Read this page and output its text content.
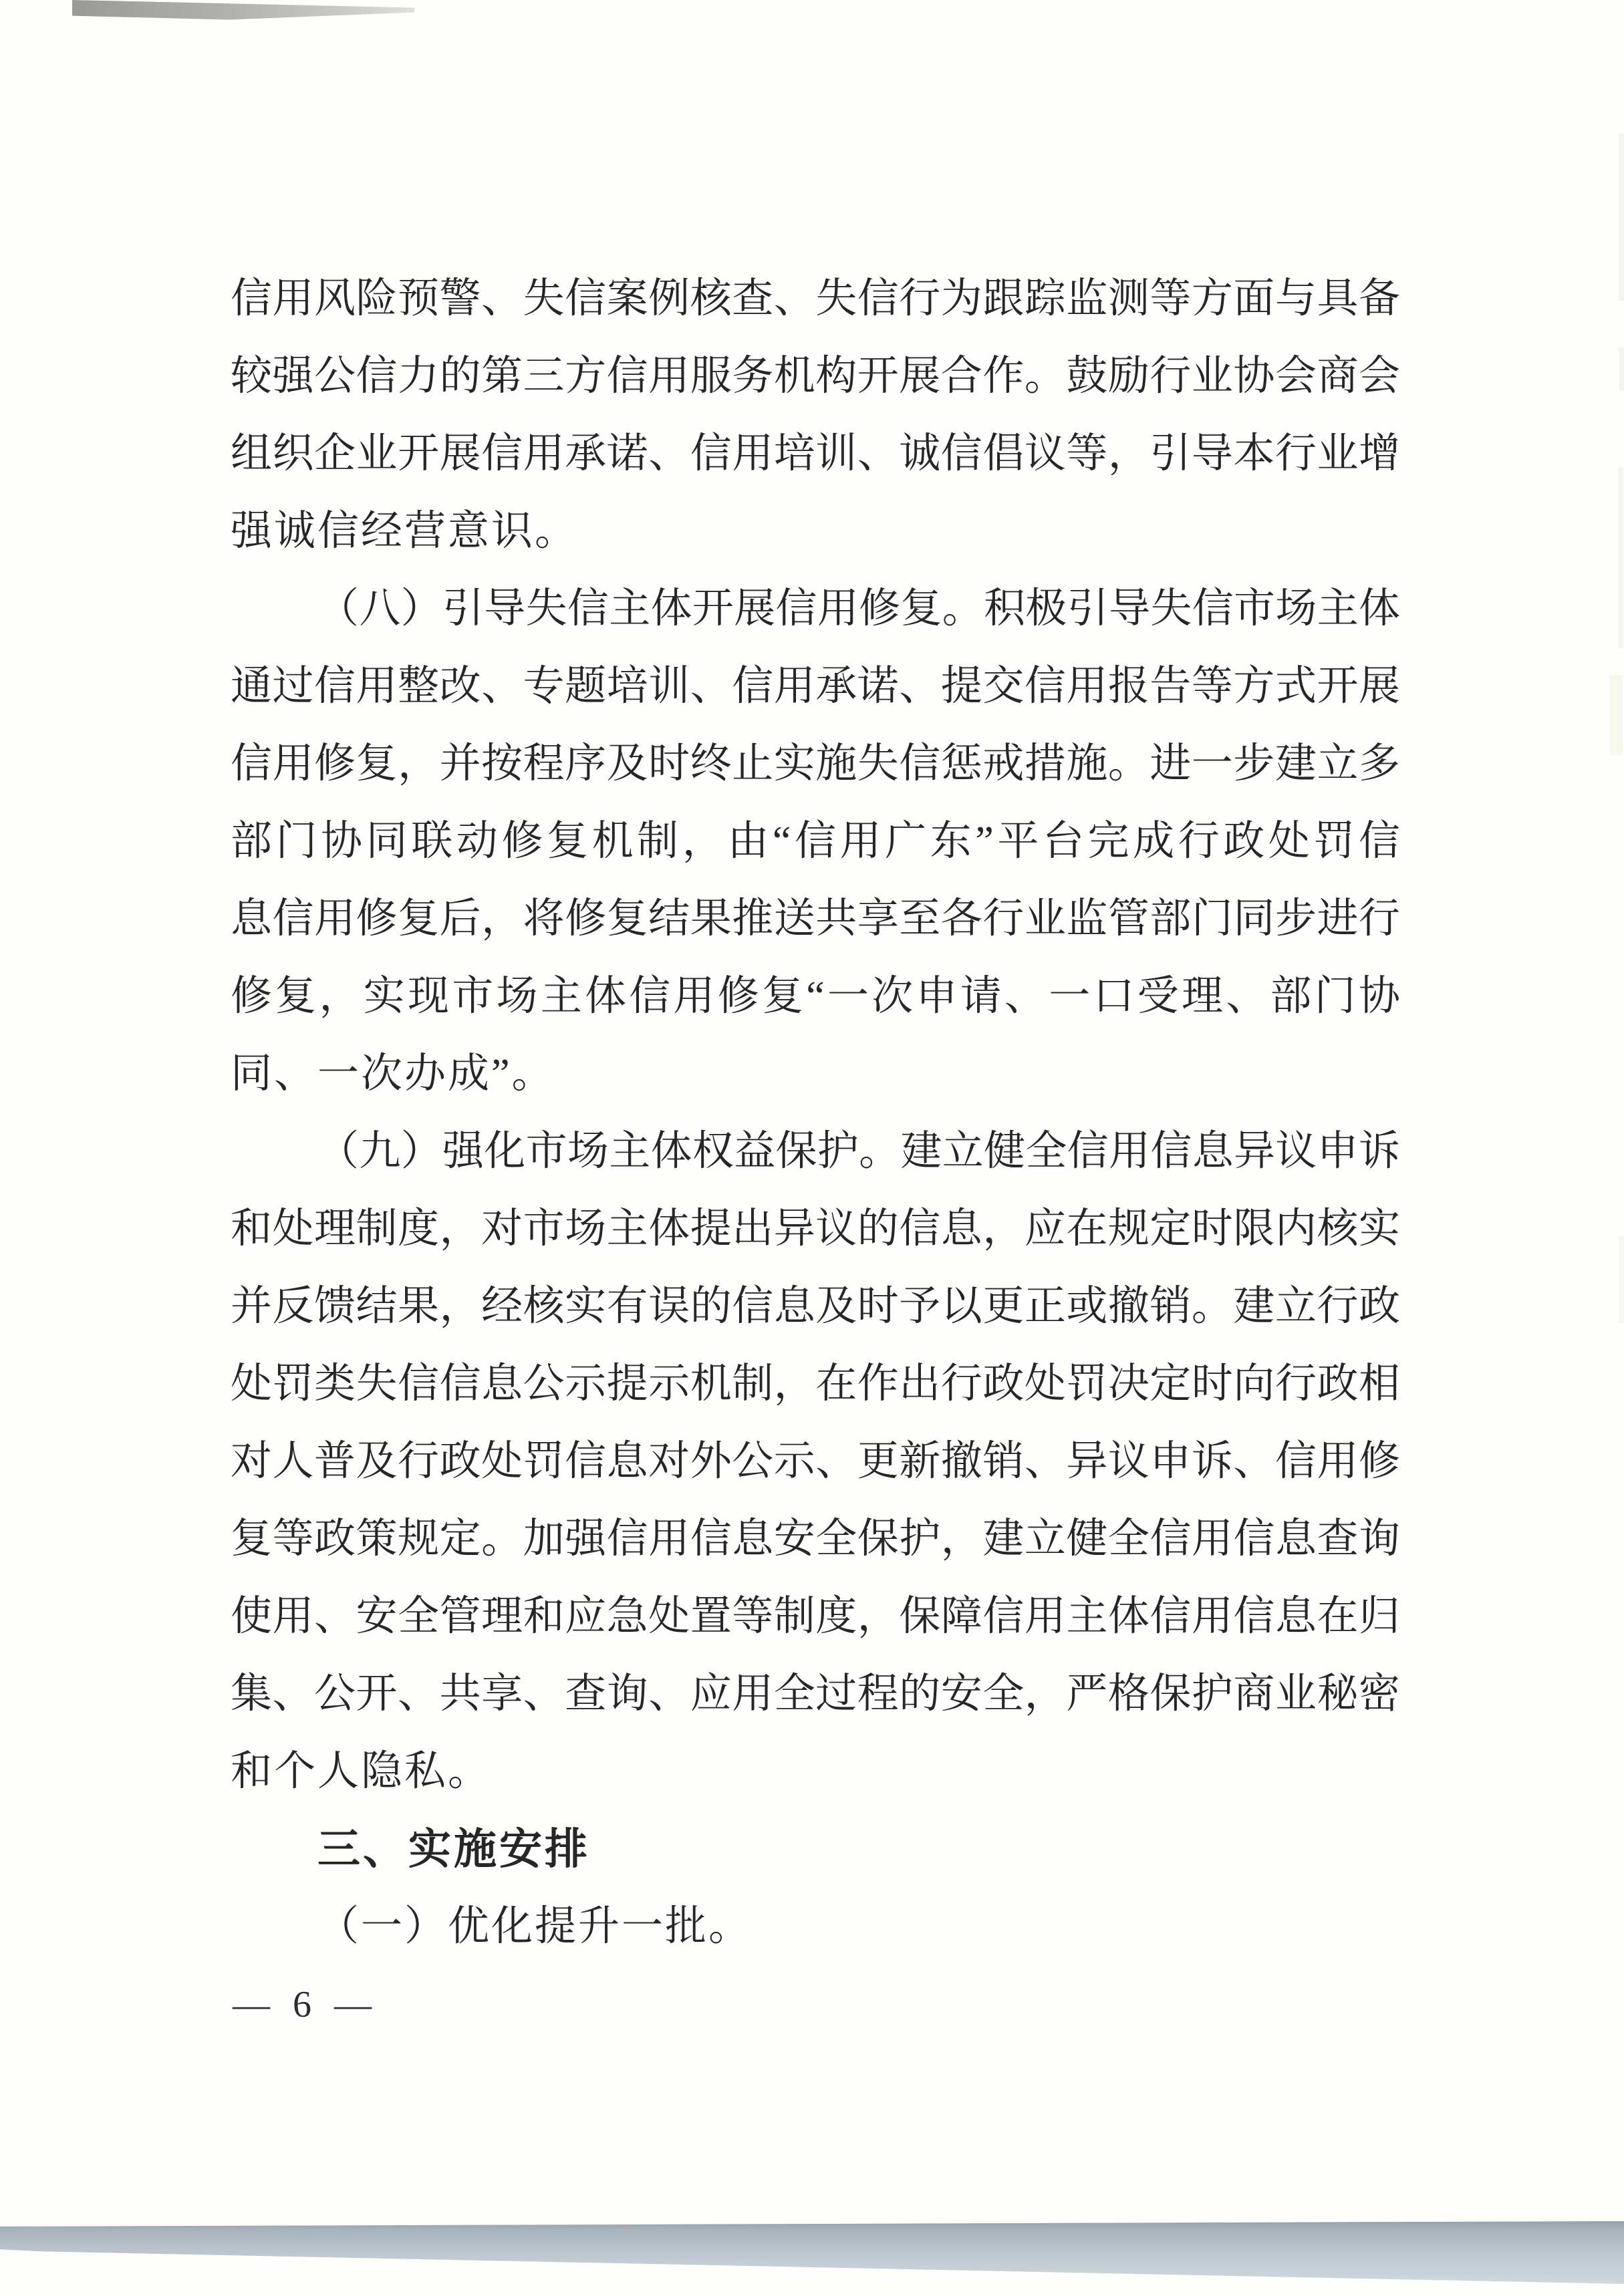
信用风险预警、失信案例核查、失信行为跟踪监测等方面与具备
较强公信力的第三方信用服务机构开展合作。鼓励行业协会商会
组织企业开展信用承诺、信用培训、诚信倡议等，引导本行业增
强诚信经营意识。
（八）引导失信主体开展信用修复。积极引导失信市场主体
通过信用整改、专题培训、信用承诺、提交信用报告等方式开展
信用修复，并按程序及时终止实施失信惩戒措施。进一步建立多
部门协同联动修复机制，由“信用广东”平台完成行政处罚信
息信用修复后，将修复结果推送共享至各行业监管部门同步进行
修复，实现市场主体信用修复“一次申请、一口受理、部门协
同、一次办成”。
（九）强化市场主体权益保护。建立健全信用信息异议申诉
和处理制度，对市场主体提出异议的信息，应在规定时限内核实
并反馈结果，经核实有误的信息及时予以更正或撤销。建立行政
处罚类失信信息公示提示机制，在作出行政处罚决定时向行政相
对人普及行政处罚信息对外公示、更新撤销、异议申诉、信用修
复等政策规定。加强信用信息安全保护，建立健全信用信息查询
使用、安全管理和应急处置等制度，保障信用主体信用信息在归
集、公开、共享、查询、应用全过程的安全，严格保护商业秘密
和个人隐私。
三、实施安排
（一）优化提升一批。
— 6 —
